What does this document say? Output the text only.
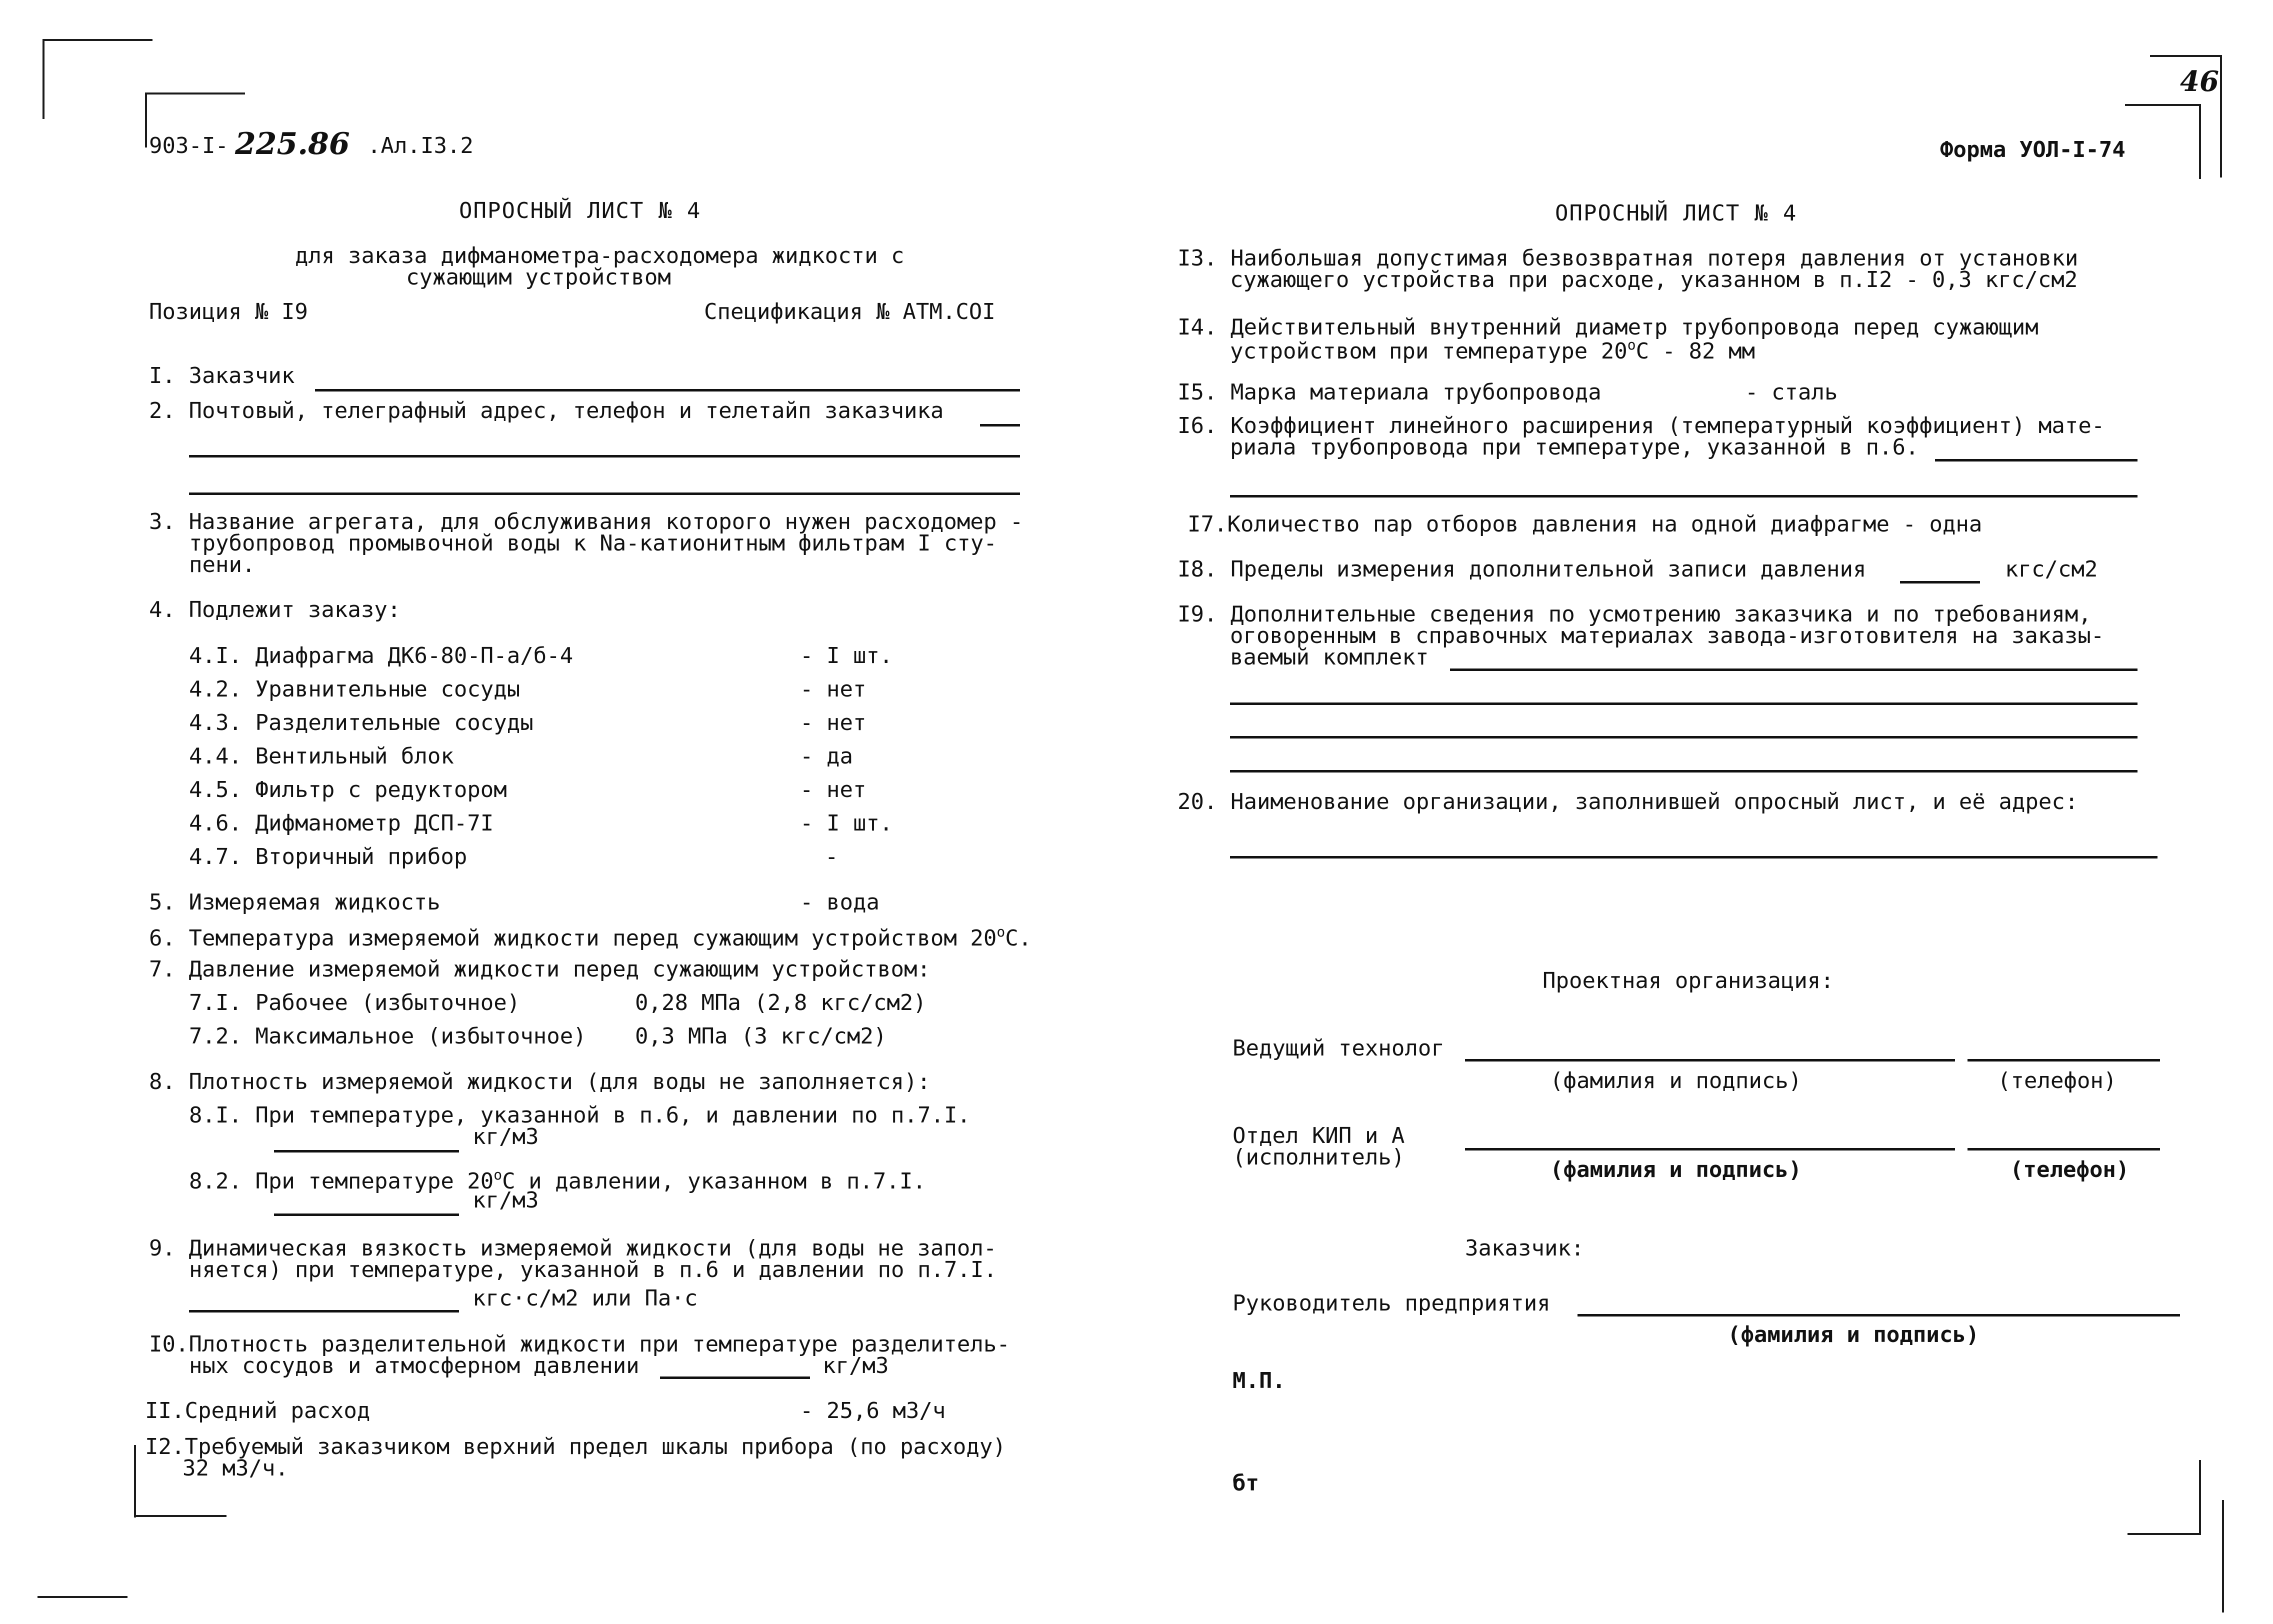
903-I- 225.86 .Ал.I3.2
46
Форма УОЛ-I-74
ОПРОСНЫЙ ЛИСТ № 4
для заказа дифманометра-расходомера жидкости с
сужающим устройством
Позиция № I9	Спецификация № АТМ.СОI
I. Заказчик
2. Почтовый, телеграфный адрес, телефон и телетайп заказчика
3. Название агрегата, для обслуживания которого нужен расходомер -
трубопровод промывочной воды к Nа-катионитным фильтрам I сту-
пени.
4. Подлежит заказу:
4.I. Диафрагма ДК6-80-П-а/б-4	- I шт.
4.2. Уравнительные сосуды	- нет
4.3. Разделительные сосуды	- нет
4.4. Вентильный блок	- да
4.5. Фильтр с редуктором	- нет
4.6. Дифманометр ДСП-7I	- I шт.
4.7. Вторичный прибор	-
5. Измеряемая жидкость	- вода
6. Температура измеряемой жидкости перед сужающим устройством 20$^o$С.
7. Давление измеряемой жидкости перед сужающим устройством:
7.I. Рабочее (избыточное)	0,28 МПа (2,8 кгс/см2)
7.2. Максимальное (избыточное) 0,3 МПа (3 кгс/см2)
8. Плотность измеряемой жидкости (для воды не заполняется):
8.I. При температуре, указанной в п.6, и давлении по п.7.I.
кг/м3
8.2. При температуре 20$^o$С и давлении, указанном в п.7.I.
кг/м3
9. Динамическая вязкость измеряемой жидкости (для воды не запол-
няется) при температуре, указанной в п.6 и давлении по п.7.I.
кгс·с/м2 или Па·с
I0.Плотность разделительной жидкости при температуре разделитель-
ных сосудов и атмосферном давлении	кг/м3
II.Средний расход	- 25,6 м3/ч
I2.Требуемый заказчиком верхний предел шкалы прибора (по расходу)
32 м3/ч.
ОПРОСНЫЙ ЛИСТ № 4
I3. Наибольшая допустимая безвозвратная потеря давления от установки
сужающего устройства при расходе, указанном в п.I2 - 0,3 кгс/см2
I4. Действительный внутренний диаметр трубопровода перед сужающим
устройством при температуре 20$^o$С - 82 мм
I5. Марка материала трубопровода	- сталь
I6. Коэффициент линейного расширения (температурный коэффициент) мате-
риала трубопровода при температуре, указанной в п.6.
I7.Количество пар отборов давления на одной диафрагме - одна
I8. Пределы измерения дополнительной записи давления	кгс/см2
I9. Дополнительные сведения по усмотрению заказчика и по требованиям,
оговоренным в справочных материалах завода-изготовителя на заказы-
ваемый комплект
20. Наименование организации, заполнившей опросный лист, и её адрес:
Проектная организация:
Ведущий технолог
(фамилия и подпись)	(телефон)
Отдел КИП и А
(исполнитель)	(фамилия и подпись)	(телефон)
Заказчик:
Руководитель предприятия
(фамилия и подпись)
М.П.
бт
